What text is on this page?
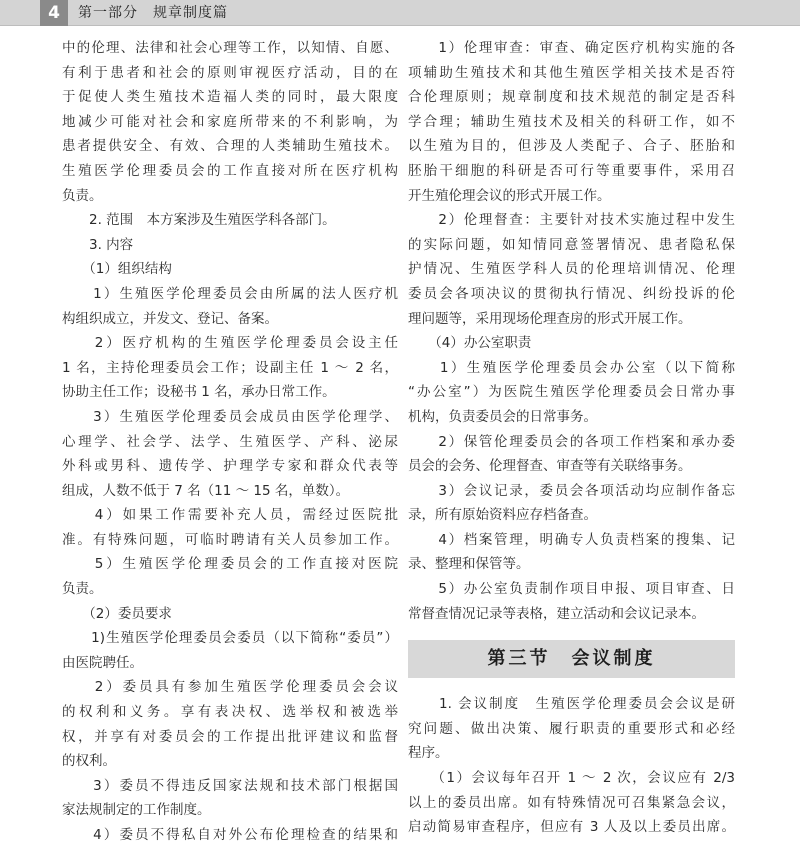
4	第一部分　规章制度篇
中的伦理、法律和社会心理等工作，以知情、自愿、
有利于患者和社会的原则审视医疗活动，目的在
于促使人类生殖技术造福人类的同时，最大限度
地减少可能对社会和家庭所带来的不利影响，为
患者提供安全、有效、合理的人类辅助生殖技术。
生殖医学伦理委员会的工作直接对所在医疗机构
负责。
　　2. 范围　本方案涉及生殖医学科各部门。
　　3. 内容
　　（1）组织结构
　　1）生殖医学伦理委员会由所属的法人医疗机
构组织成立，并发文、登记、备案。
　　2）医疗机构的生殖医学伦理委员会设主任
1 名，主持伦理委员会工作；设副主任 1 ～ 2 名，
协助主任工作；设秘书 1 名，承办日常工作。
　　3）生殖医学伦理委员会成员由医学伦理学、
心理学、社会学、法学、生殖医学、产科、泌尿
外科或男科、遗传学、护理学专家和群众代表等
组成，人数不低于 7 名（11 ～ 15 名，单数）。
　　4）如果工作需要补充人员，需经过医院批
准。有特殊问题，可临时聘请有关人员参加工作。
　　5）生殖医学伦理委员会的工作直接对医院
负责。
　　（2）委员要求
　　1)生殖医学伦理委员会委员（以下简称“委员”）
由医院聘任。
　　2）委员具有参加生殖医学伦理委员会会议
的权利和义务。享有表决权、选举权和被选举
权，并享有对委员会的工作提出批评建议和监督
的权利。
　　3）委员不得违反国家法规和技术部门根据国
家法规制定的工作制度。
　　4）委员不得私自对外公布伦理检查的结果和
　　1）伦理审查：审查、确定医疗机构实施的各
项辅助生殖技术和其他生殖医学相关技术是否符
合伦理原则；规章制度和技术规范的制定是否科
学合理；辅助生殖技术及相关的科研工作，如不
以生殖为目的，但涉及人类配子、合子、胚胎和
胚胎干细胞的科研是否可行等重要事件，采用召
开生殖伦理会议的形式开展工作。
　　2）伦理督查：主要针对技术实施过程中发生
的实际问题，如知情同意签署情况、患者隐私保
护情况、生殖医学科人员的伦理培训情况、伦理
委员会各项决议的贯彻执行情况、纠纷投诉的伦
理问题等，采用现场伦理查房的形式开展工作。
　　（4）办公室职责
　　1）生殖医学伦理委员会办公室（以下简称
“办公室”）为医院生殖医学伦理委员会日常办事
机构，负责委员会的日常事务。
　　2）保管伦理委员会的各项工作档案和承办委
员会的会务、伦理督查、审查等有关联络事务。
　　3）会议记录，委员会各项活动均应制作备忘
录，所有原始资料应存档备查。
　　4）档案管理，明确专人负责档案的搜集、记
录、整理和保管等。
　　5）办公室负责制作项目申报、项目审查、日
常督查情况记录等表格，建立活动和会议记录本。
第三节　会议制度
　　1. 会议制度　生殖医学伦理委员会会议是研
究问题、做出决策、履行职责的重要形式和必经
程序。
　　（1）会议每年召开 1 ～ 2 次，会议应有 2/3
以上的委员出席。如有特殊情况可召集紧急会议，
启动简易审查程序，但应有 3 人及以上委员出席。
